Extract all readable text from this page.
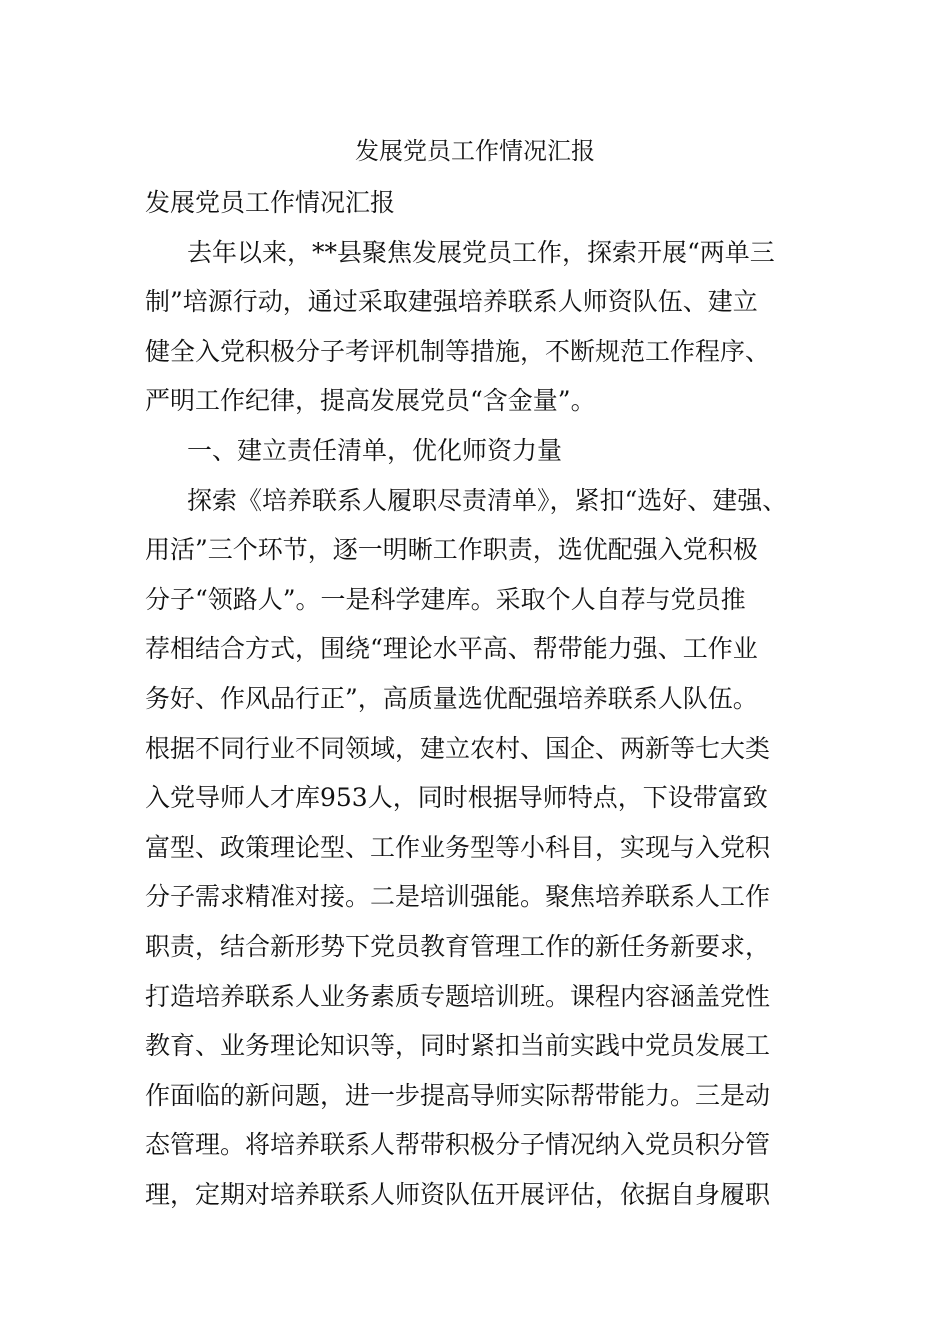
发展党员工作情况汇报
发展党员工作情况汇报
去年以来，**县聚焦发展党员工作，探索开展“两单三
制”培源行动，通过采取建强培养联系人师资队伍、建立
健全入党积极分子考评机制等措施，不断规范工作程序、
严明工作纪律，提高发展党员“含金量”。
一、建立责任清单，优化师资力量
探索《培养联系人履职尽责清单》，紧扣“选好、建强、
用活”三个环节，逐一明晰工作职责，选优配强入党积极
分子“领路人”。一是科学建库。采取个人自荐与党员推
荐相结合方式，围绕“理论水平高、帮带能力强、工作业
务好、作风品行正”，高质量选优配强培养联系人队伍。
根据不同行业不同领域，建立农村、国企、两新等七大类
入党导师人才库953人，同时根据导师特点，下设带富致
富型、政策理论型、工作业务型等小科目，实现与入党积
分子需求精准对接。二是培训强能。聚焦培养联系人工作
职责，结合新形势下党员教育管理工作的新任务新要求，
打造培养联系人业务素质专题培训班。课程内容涵盖党性
教育、业务理论知识等，同时紧扣当前实践中党员发展工
作面临的新问题，进一步提高导师实际帮带能力。三是动
态管理。将培养联系人帮带积极分子情况纳入党员积分管
理，定期对培养联系人师资队伍开展评估，依据自身履职
